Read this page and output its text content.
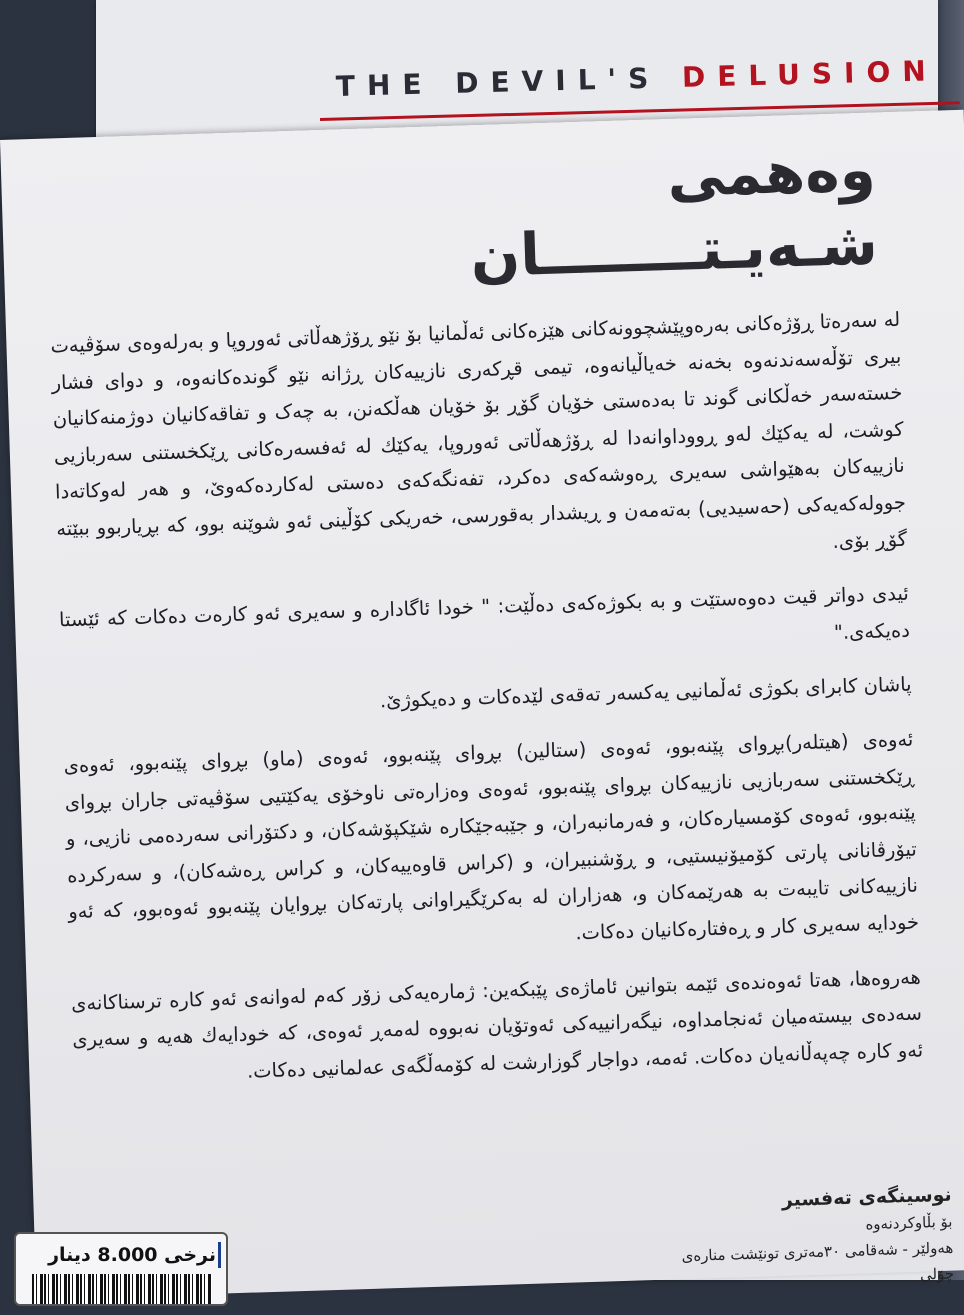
THE DEVIL'S DELUSION
وەهمی
شـەیـتــــــــان

لە سەرەتا ڕۆژەکانی بەرەوپێشچوونەکانی هێزەکانی ئەڵمانیا بۆ نێو ڕۆژهەڵاتی ئەوروپا و بەرلەوەی سۆڤیەت بیری تۆڵەسەندنەوە بخەنە خەیاڵیانەوە، تیمی قڕکەری نازییەکان ڕژانە نێو گوندەکانەوە، و دوای فشار خستەسەر خەڵکانی گوند تا بەدەستی خۆیان گۆڕ بۆ خۆیان هەڵکەنن، بە چەک و تفاقەکانیان دوژمنەکانیان کوشت، لە یەکێك لەو ڕووداوانەدا لە ڕۆژهەڵاتی ئەوروپا، یەکێك لە ئەفسەرەکانی ڕێکخستنی سەربازیی نازییەکان بەهێواشی سەیری ڕەوشەکەی دەکرد، تفەنگەکەی دەستی لەکاردەکەوێ، و هەر لەوکاتەدا جوولەکەیەکی (حەسیدیی) بەتەمەن و ڕیشدار بەقورسی، خەریکی کۆڵینی ئەو شوێنە بوو، کە بڕیاربوو ببێتە گۆڕ بۆی.

ئیدی دواتر قیت دەوەستێت و بە بکوژەکەی دەڵێت: " خودا ئاگادارە و سەیری ئەو کارەت دەکات کە ئێستا دەیکەی."

پاشان کابرای بکوژی ئەڵمانیی یەکسەر تەقەی لێدەکات و دەیکوژێ.

ئەوەی (هیتلەر)بڕوای پێنەبوو، ئەوەی (ستالین) بڕوای پێنەبوو، ئەوەی (ماو) بڕوای پێنەبوو، ئەوەی ڕێکخستنی سەربازیی نازییەکان بڕوای پێنەبوو، ئەوەی وەزارەتی ناوخۆی یەکێتیی سۆڤیەتی جاران بڕوای پێنەبوو، ئەوەی کۆمسیارەکان، و فەرمانبەران، و جێبەجێکارە شێکپۆشەکان، و دکتۆرانی سەردەمی نازیی، و تیۆرڤانانی پارتی کۆمیۆنیستیی، و ڕۆشنبیران، و (کراس قاوەییەکان، و کراس ڕەشەکان)، و سەرکردە نازییەکانی تایبەت بە هەرێمەکان و، هەزاران لە بەکرێگیراوانی پارتەکان بڕوایان پێنەبوو ئەوەبوو، کە ئەو خودایە سەیری کار و ڕەفتارەکانیان دەکات.

هەروەها، هەتا ئەوەندەی ئێمە بتوانین ئاماژەی پێبکەین: ژمارەیەکی زۆر کەم لەوانەی ئەو کارە ترسناکانەی سەدەی بیستەمیان ئەنجامداوە، نیگەرانییەکی ئەوتۆیان نەبووە لەمەڕ ئەوەی، کە خودایەك هەیە و سەیری ئەو کارە چەپەڵانەیان دەکات. ئەمە، دواجار گوزارشت لە کۆمەڵگەی عەلمانیی دەکات.

نوسینگەی تەفسیر
بۆ بڵاوکردنەوە
هەولێر - شەقامی ٣٠مەتری تونێشت منارەی چۆلی
نرخی 8.000 دینار
